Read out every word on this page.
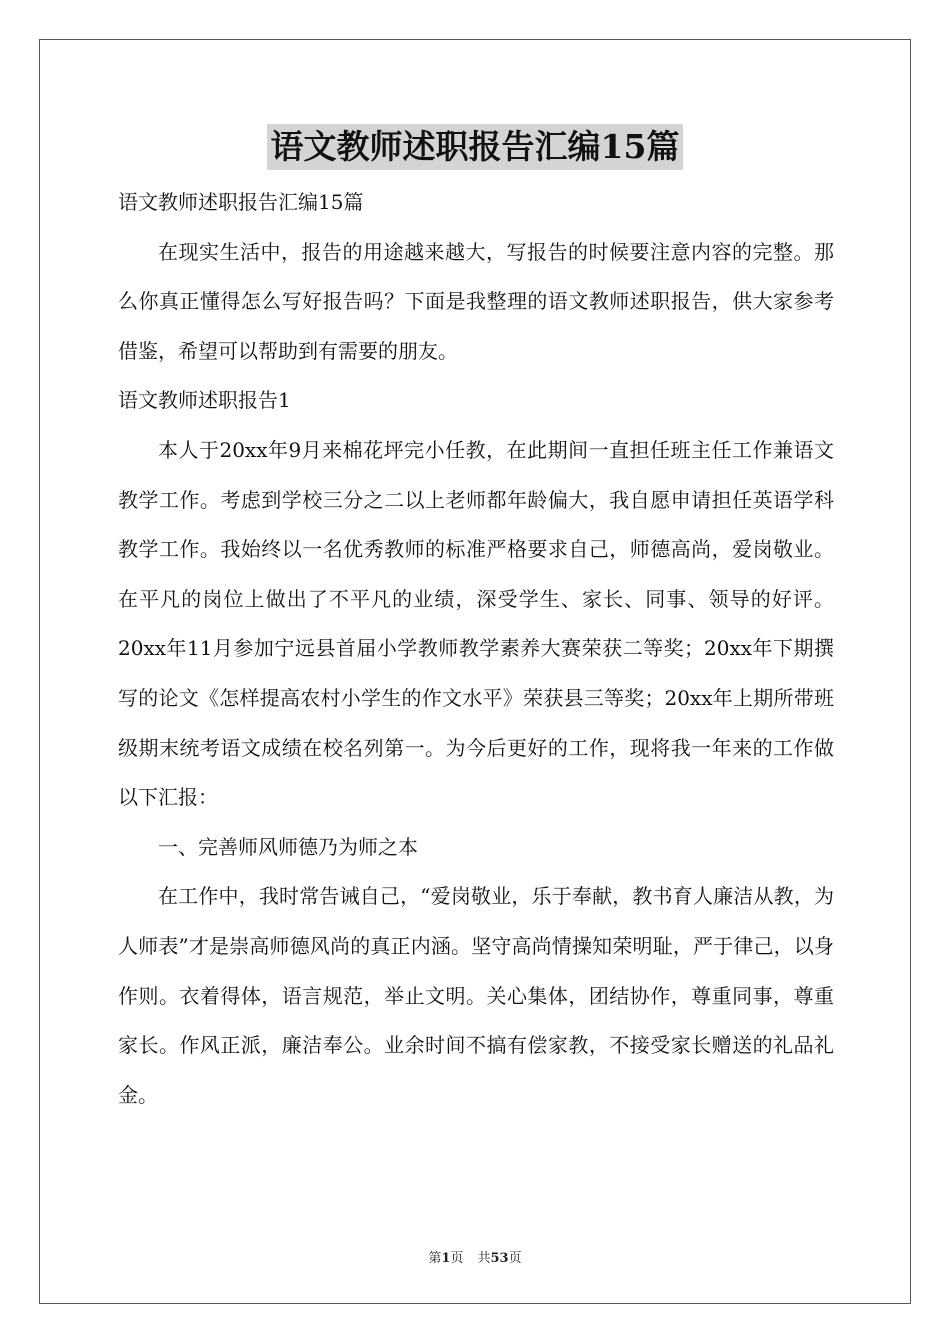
语文教师述职报告汇编15篇

语文教师述职报告汇编15篇

在现实生活中，报告的用途越来越大，写报告的时候要注意内容的完整。那么你真正懂得怎么写好报告吗？下面是我整理的语文教师述职报告，供大家参考借鉴，希望可以帮助到有需要的朋友。

语文教师述职报告1

本人于20xx年9月来棉花坪完小任教，在此期间一直担任班主任工作兼语文教学工作。考虑到学校三分之二以上老师都年龄偏大，我自愿申请担任英语学科教学工作。我始终以一名优秀教师的标准严格要求自己，师德高尚，爱岗敬业。在平凡的岗位上做出了不平凡的业绩，深受学生、家长、同事、领导的好评。20xx年11月参加宁远县首届小学教师教学素养大赛荣获二等奖；20xx年下期撰写的论文《怎样提高农村小学生的作文水平》荣获县三等奖；20xx年上期所带班级期末统考语文成绩在校名列第一。为今后更好的工作，现将我一年来的工作做以下汇报：

一、完善师风师德乃为师之本

在工作中，我时常告诫自己，“爱岗敬业，乐于奉献，教书育人廉洁从教，为人师表”才是崇高师德风尚的真正内涵。坚守高尚情操知荣明耻，严于律己，以身作则。衣着得体，语言规范，举止文明。关心集体，团结协作，尊重同事，尊重家长。作风正派，廉洁奉公。业余时间不搞有偿家教，不接受家长赠送的礼品礼金。

第1页 共53页
